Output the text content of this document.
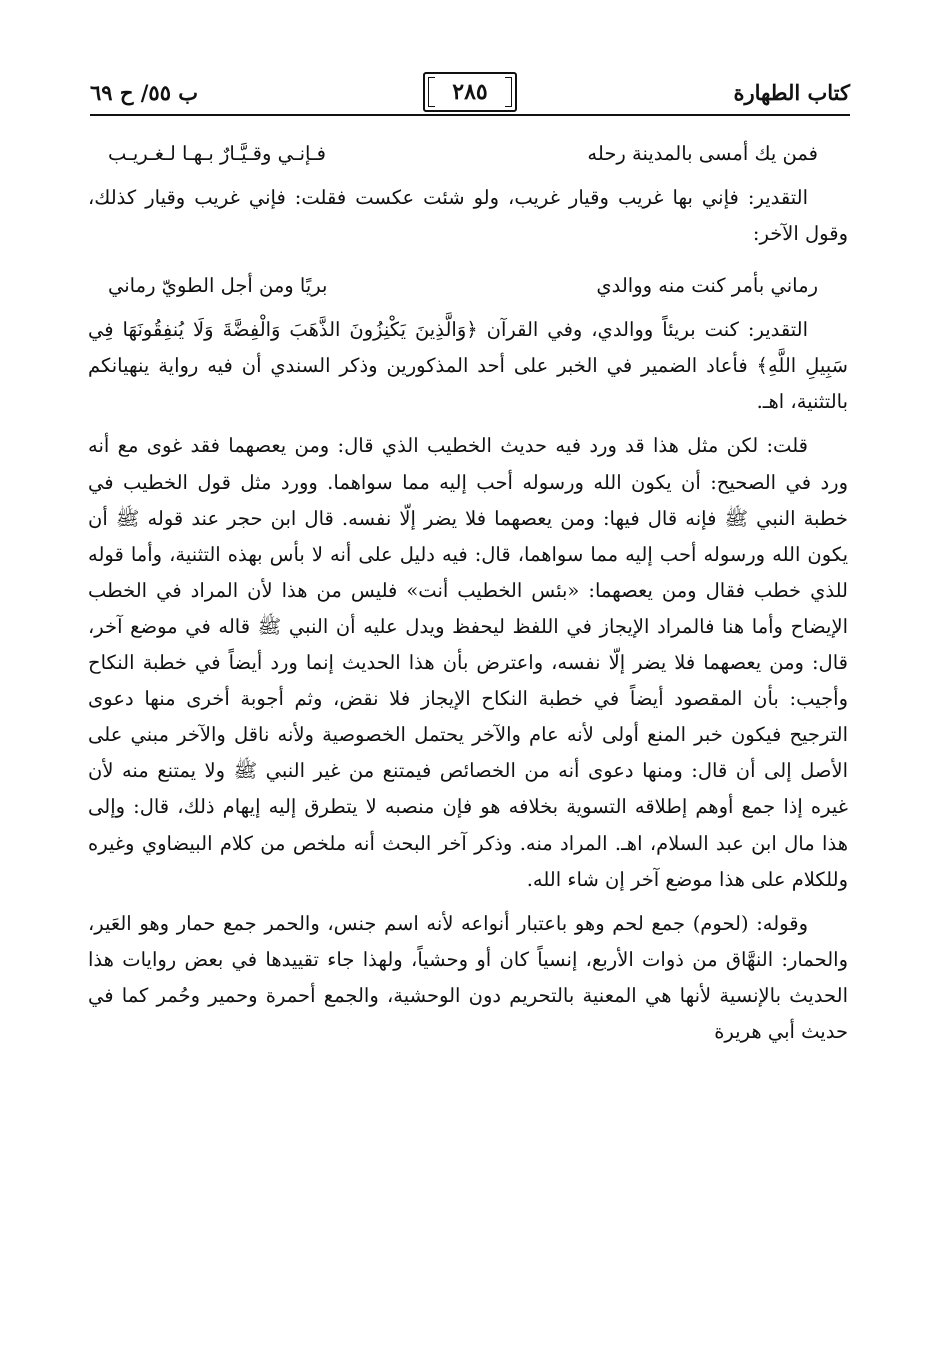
كتاب الطهارة
٢٨٥
ب ٥٥/ ح ٦٩
فمن يك أمسى بالمدينة رحله
فـإنـي وقـيَّـارٌ بـهـا لـغـريـب

التقدير: فإني بها غريب وقيار غريب، ولو شئت عكست فقلت: فإني غريب وقيار كذلك، وقول الآخر:

رماني بأمر كنت منه ووالدي
بريًا ومن أجل الطويّ رماني

التقدير: كنت بريئاً ووالدي، وفي القرآن ﴿وَالَّذِينَ يَكْنِزُونَ الذَّهَبَ وَالْفِضَّةَ وَلَا يُنفِقُونَهَا فِي سَبِيلِ اللَّهِ﴾ فأعاد الضمير في الخبر على أحد المذكورين وذكر السندي أن فيه رواية ينهيانكم بالتثنية، اهـ.

قلت: لكن مثل هذا قد ورد فيه حديث الخطيب الذي قال: ومن يعصهما فقد غوى مع أنه ورد في الصحيح: أن يكون الله ورسوله أحب إليه مما سواهما. وورد مثل قول الخطيب في خطبة النبي ﷺ فإنه قال فيها: ومن يعصهما فلا يضر إلّا نفسه. قال ابن حجر عند قوله ﷺ أن يكون الله ورسوله أحب إليه مما سواهما، قال: فيه دليل على أنه لا بأس بهذه التثنية، وأما قوله للذي خطب فقال ومن يعصهما: «بئس الخطيب أنت» فليس من هذا لأن المراد في الخطب الإيضاح وأما هنا فالمراد الإيجاز في اللفظ ليحفظ ويدل عليه أن النبي ﷺ قاله في موضع آخر، قال: ومن يعصهما فلا يضر إلّا نفسه، واعترض بأن هذا الحديث إنما ورد أيضاً في خطبة النكاح وأجيب: بأن المقصود أيضاً في خطبة النكاح الإيجاز فلا نقض، وثم أجوبة أخرى منها دعوى الترجيح فيكون خبر المنع أولى لأنه عام والآخر يحتمل الخصوصية ولأنه ناقل والآخر مبني على الأصل إلى أن قال: ومنها دعوى أنه من الخصائص فيمتنع من غير النبي ﷺ ولا يمتنع منه لأن غيره إذا جمع أوهم إطلاقه التسوية بخلافه هو فإن منصبه لا يتطرق إليه إيهام ذلك، قال: وإلى هذا مال ابن عبد السلام، اهـ. المراد منه. وذكر آخر البحث أنه ملخص من كلام البيضاوي وغيره وللكلام على هذا موضع آخر إن شاء الله.

وقوله: (لحوم) جمع لحم وهو باعتبار أنواعه لأنه اسم جنس، والحمر جمع حمار وهو العَير، والحمار: النهَّاق من ذوات الأربع، إنسياً كان أو وحشياً، ولهذا جاء تقييدها في بعض روايات هذا الحديث بالإنسية لأنها هي المعنية بالتحريم دون الوحشية، والجمع أحمرة وحمير وحُمر كما في حديث أبي هريرة
